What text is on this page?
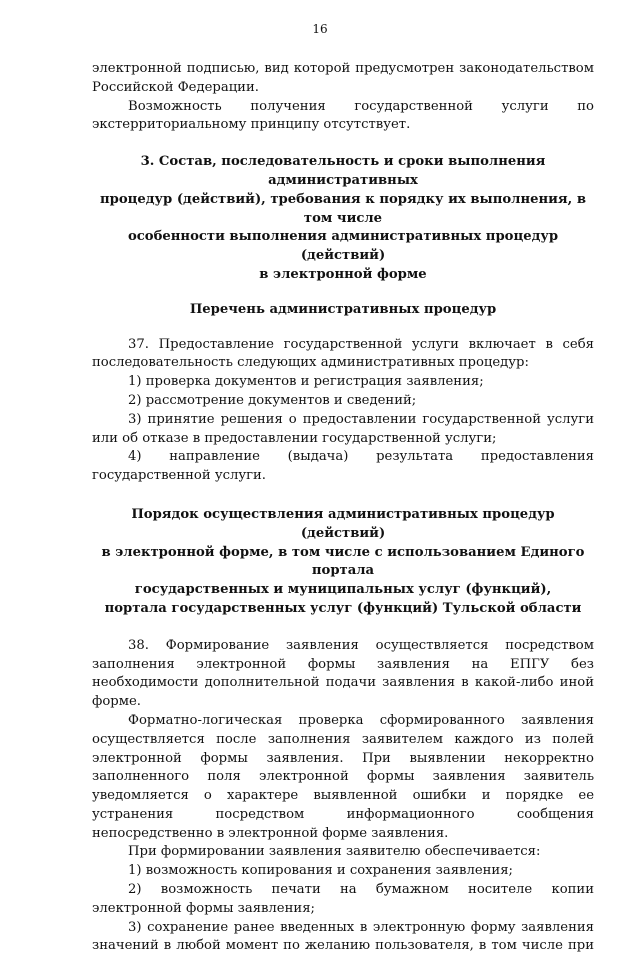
16

электронной подписью, вид которой предусмотрен законодательством Российской Федерации.

Возможность получения государственной услуги по экстерриториальному принципу отсутствует.

3. Состав, последовательность и сроки выполнения административных
процедур (действий), требования к порядку их выполнения, в том числе
особенности выполнения административных процедур (действий)
в электронной форме
Перечень административных процедур

37. Предоставление государственной услуги включает в себя последовательность следующих административных процедур:

1) проверка документов и регистрация заявления;

2) рассмотрение документов и сведений;

3) принятие решения о предоставлении государственной услуги или об отказе в предоставлении государственной услуги;

4) направление (выдача) результата предоставления государственной услуги.

Порядок осуществления административных процедур (действий)
в электронной форме, в том числе с использованием Единого портала
государственных и муниципальных услуг (функций),
портала государственных услуг (функций) Тульской области

38. Формирование заявления осуществляется посредством заполнения электронной формы заявления на ЕПГУ без необходимости дополнительной подачи заявления в какой-либо иной форме.

Форматно-логическая проверка сформированного заявления осуществляется после заполнения заявителем каждого из полей электронной формы заявления. При выявлении некорректно заполненного поля электронной формы заявления заявитель уведомляется о характере выявленной ошибки и порядке ее устранения посредством информационного сообщения непосредственно в электронной форме заявления.

При формировании заявления заявителю обеспечивается:

1) возможность копирования и сохранения заявления;

2) возможность печати на бумажном носителе копии электронной формы заявления;

3) сохранение ранее введенных в электронную форму заявления значений в любой момент по желанию пользователя, в том числе при
